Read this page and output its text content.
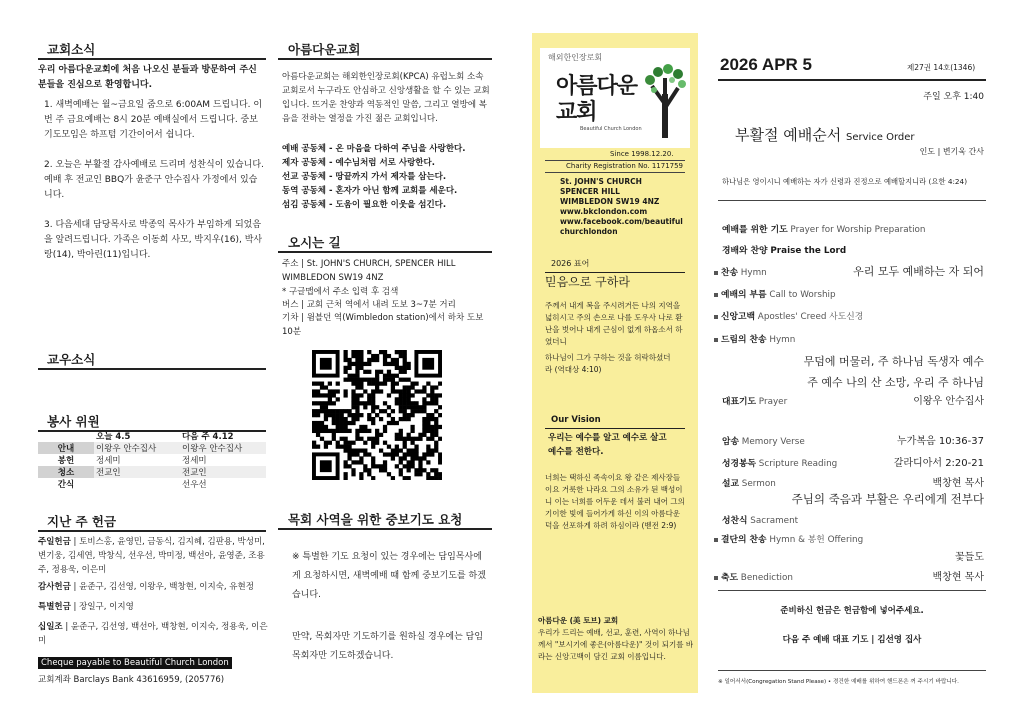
교회소식
우리 아름다운교회에 처음 나오신 분들과 방문하여 주신 분들을 진심으로 환영합니다.
1. 새벽예배는 월~금요일 줌으로 6:00AM 드립니다. 이번 주 금요예배는 8시 20분 예배실에서 드립니다. 중보기도모임은 하프텀 기간이어서 쉽니다.
2. 오늘은 부활절 감사예배로 드리며 성찬식이 있습니다. 예배 후 전교인 BBQ가 윤준구 안수집사 가정에서 있습니다.
3. 다음세대 담당목사로 박종익 목사가 부임하게 되었음을 알려드립니다. 가족은 이동희 사모, 박지우(16), 박사랑(14), 박아린(11)입니다.
교우소식
봉사 위원
	오늘 4.5	다음 주 4.12
안내	이왕우 안수집사	이왕우 안수집사
봉헌	정세미	정세미
청소	전교인	전교인
간식		선우선
지난 주 헌금
주일헌금 | 토비스홍, 윤영민, 금동식, 김지혜, 김판용, 박성미, 변기웅, 김세연, 박창식, 선우선, 박미정, 백선아, 윤영준, 조용주, 정용욱, 이은미
감사헌금 | 윤준구, 김선영, 이왕우, 백창현, 이지숙, 유현정
특별헌금 | 장일구, 이지영
십일조 | 윤준구, 김선영, 백선아, 백창현, 이지숙, 정용욱, 이은미
Cheque payable to Beautiful Church London
교회계좌 Barclays Bank 43616959, (205776)
아름다운교회
아름다운교회는 해외한인장로회(KPCA) 유럽노회 소속 교회로서 누구라도 안심하고 신앙생활을 할 수 있는 교회입니다. 뜨거운 찬양과 역동적인 말씀, 그리고 열방에 복음을 전하는 열정을 가진 젊은 교회입니다.
예배 공동체 - 온 마음을 다하여 주님을 사랑한다.
제자 공동체 - 예수님처럼 서로 사랑한다.
선교 공동체 - 땅끝까지 가서 제자를 삼는다.
동역 공동체 - 혼자가 아닌 함께 교회를 세운다.
섬김 공동체 - 도움이 필요한 이웃을 섬긴다.
오시는 길
주소 | St. JOHN'S CHURCH, SPENCER HILL WIMBLEDON SW19 4NZ
* 구글맵에서 주소 입력 후 검색
버스 | 교회 근처 역에서 내려 도보 3~7분 거리
기차 | 윔블던 역(Wimbledon station)에서 하차 도보 10분
목회 사역을 위한 중보기도 요청
※ 특별한 기도 요청이 있는 경우에는 담임목사에게 요청하시면, 새벽예배 때 함께 중보기도를 하겠습니다.
만약, 목회자만 기도하기를 원하실 경우에는 담임 목회자만 기도하겠습니다.
해외한인장로회
아름다운 교회
Beautiful Church London
Since 1998.12.20.
Charity Registration No. 1171759
St. JOHN'S CHURCH
SPENCER HILL
WIMBLEDON SW19 4NZ
www.bkclondon.com
www.facebook.com/beautiful
churchlondon
2026 표어
믿음으로 구하라
주께서 내게 복을 주시려거든 나의 지역을 넓히시고 주의 손으로 나를 도우사 나로 환난을 벗어나 내게 근심이 없게 하옵소서 하였더니
하나님이 그가 구하는 것을 허락하셨더라 (역대상 4:10)
Our Vision
우리는 예수를 알고 예수로 살고 예수를 전한다.
너희는 택하신 족속이요 왕 같은 제사장들이요 거룩한 나라요 그의 소유가 된 백성이니 이는 너희를 어두운 데서 불러 내어 그의 기이한 빛에 들어가게 하신 이의 아름다운 덕을 선포하게 하려 하심이라 (벧전 2:9)
아름다운 (美 토브) 교회
우리가 드리는 예배, 선교, 훈련, 사역이 하나님께서 "보시기에 좋은(아름다운)" 것이 되기를 바라는 신앙고백이 담긴 교회 이름입니다.
2026 APR 5	제27권 14호(1346)
주일 오후 1:40
부활절 예배순서 Service Order
인도 | 변기욱 간사
하나님은 영이시니 예배하는 자가 신령과 진정으로 예배할지니라 (요한 4:24)
예배를 위한 기도 Prayer for Worship Preparation
경배와 찬양 Praise the Lord
찬송 Hymn	우리 모두 예배하는 자 되어
예배의 부름 Call to Worship
신앙고백 Apostles' Creed 사도신경
드림의 찬송 Hymn
무덤에 머물러, 주 하나님 독생자 예수
주 예수 나의 산 소망, 우리 주 하나님
대표기도 Prayer	이왕우 안수집사
암송 Memory Verse	누가복음 10:36-37
성경봉독 Scripture Reading	갈라디아서 2:20-21
설교 Sermon	백창현 목사
주님의 죽음과 부활은 우리에게 전부다
성찬식 Sacrament
결단의 찬송 Hymn & 봉헌 Offering
꽃들도
축도 Benediction	백창현 목사
준비하신 헌금은 헌금함에 넣어주세요.
다음 주 예배 대표 기도 | 김선영 집사
※ 일어서서(Congregation Stand Please) • 경건한 예배를 위하여 핸드폰은 꺼 주시기 바랍니다.
